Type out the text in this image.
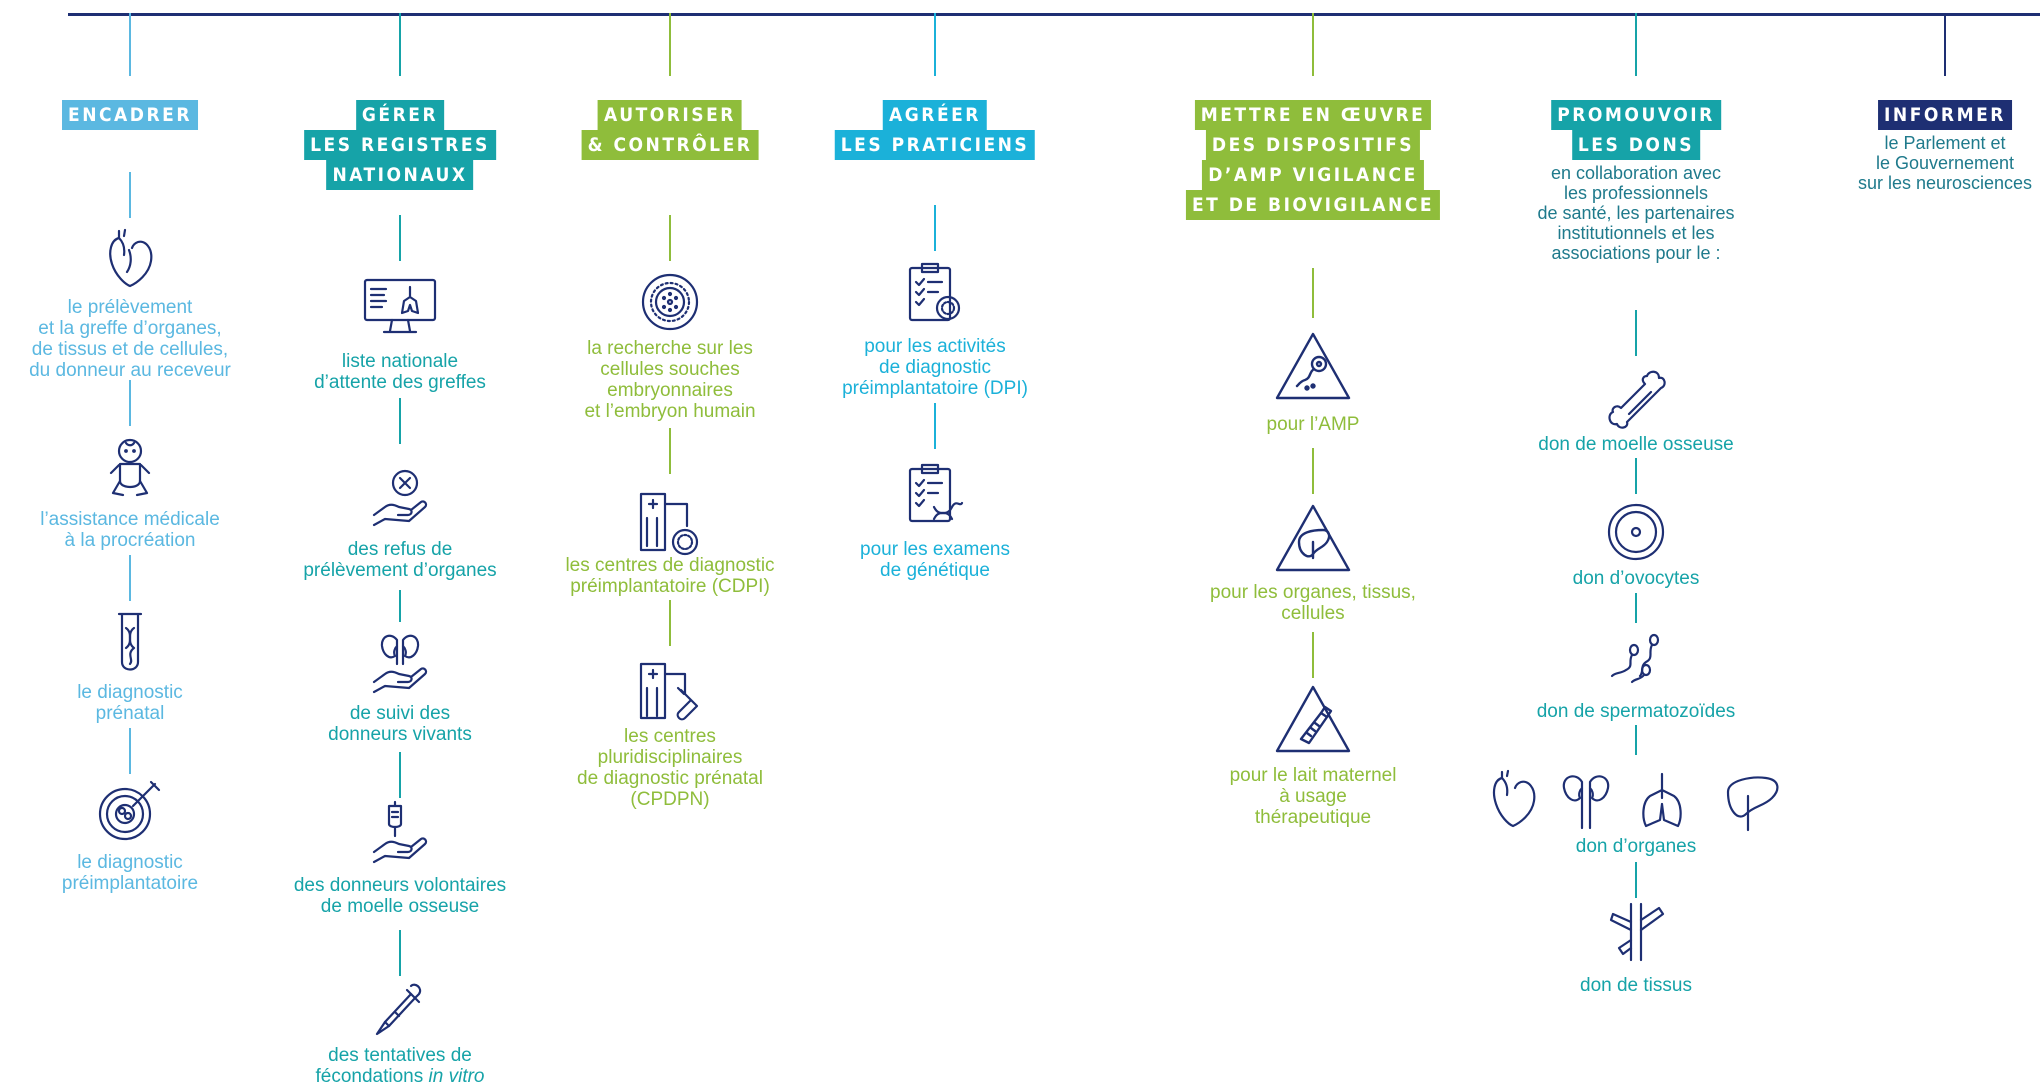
ENCADRER
le prélèvement
et la greffe d’organes,
de tissus et de cellules,
du donneur au receveur
l’assistance médicale
à la procréation
le diagnostic
prénatal
le diagnostic
préimplantatoire
GÉRER
LES REGISTRES
NATIONAUX
liste nationale
d’attente des greffes
des refus de
prélèvement d’organes
de suivi des
donneurs vivants
des donneurs volontaires
de moelle osseuse
des tentatives de
fécondations in vitro
AUTORISER
& CONTRÔLER
la recherche sur les
cellules souches
embryonnaires
et l’embryon humain
les centres de diagnostic
préimplantatoire (CDPI)
les centres
pluridisciplinaires
de diagnostic prénatal
(CPDPN)
AGRÉER
LES PRATICIENS
pour les activités
de diagnostic
préimplantatoire (DPI)
pour les examens
de génétique
METTRE EN ŒUVRE
DES DISPOSITIFS
D’AMP VIGILANCE
ET DE BIOVIGILANCE
pour l’AMP
pour les organes, tissus,
cellules
pour le lait maternel
à usage
thérapeutique
PROMOUVOIR
LES DONS
en collaboration avec
les professionnels
de santé, les partenaires
institutionnels et les
associations pour le :
don de moelle osseuse
don d’ovocytes
don de spermatozoïdes
don d’organes
don de tissus
INFORMER
le Parlement et
le Gouvernement
sur les neurosciences
